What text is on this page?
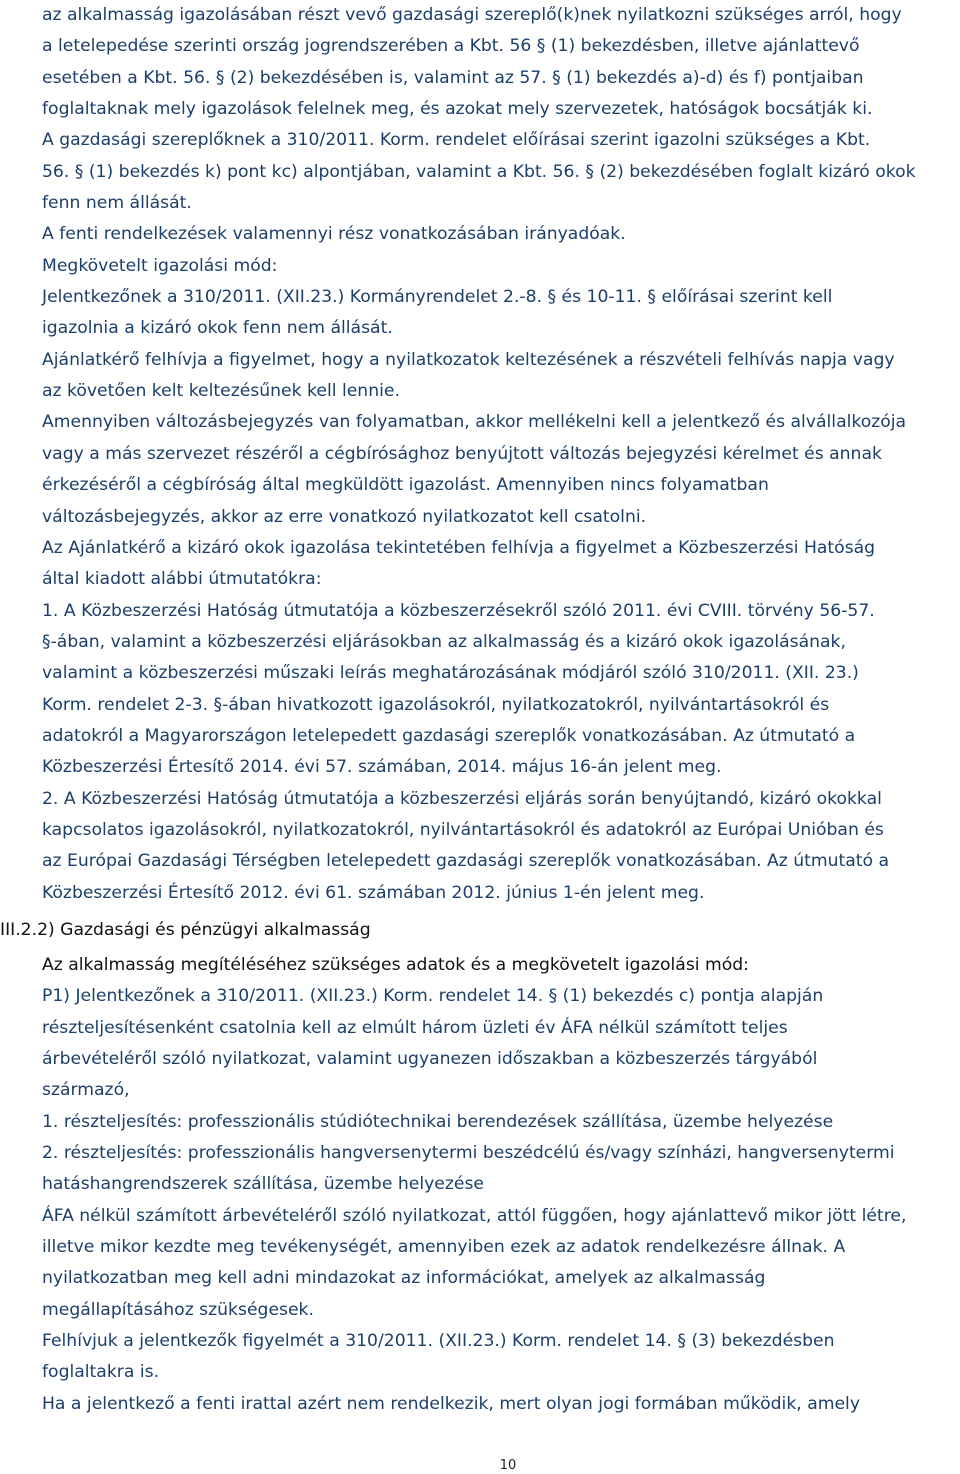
az alkalmasság igazolásában részt vevő gazdasági szereplő(k)nek nyilatkozni szükséges arról, hogy

a letelepedése szerinti ország jogrendszerében a Kbt. 56 § (1) bekezdésben, illetve ajánlattevő

esetében a Kbt. 56. § (2) bekezdésében is, valamint az 57. § (1) bekezdés a)-d) és f) pontjaiban

foglaltaknak mely igazolások felelnek meg, és azokat mely szervezetek, hatóságok bocsátják ki.

A gazdasági szereplőknek a 310/2011. Korm. rendelet előírásai szerint igazolni szükséges a Kbt.

56. § (1) bekezdés k) pont kc) alpontjában, valamint a Kbt. 56. § (2) bekezdésében foglalt kizáró okok

fenn nem állását.

A fenti rendelkezések valamennyi rész vonatkozásában irányadóak.

Megkövetelt igazolási mód:

Jelentkezőnek a 310/2011. (XII.23.) Kormányrendelet 2.-8. § és 10-11. § előírásai szerint kell

igazolnia a kizáró okok fenn nem állását.

Ajánlatkérő felhívja a figyelmet, hogy a nyilatkozatok keltezésének a részvételi felhívás napja vagy

az követően kelt keltezésűnek kell lennie.

Amennyiben változásbejegyzés van folyamatban, akkor mellékelni kell a jelentkező és alvállalkozója

vagy a más szervezet részéről a cégbírósághoz benyújtott változás bejegyzési kérelmet és annak

érkezéséről a cégbíróság által megküldött igazolást. Amennyiben nincs folyamatban

változásbejegyzés, akkor az erre vonatkozó nyilatkozatot kell csatolni.

Az Ajánlatkérő a kizáró okok igazolása tekintetében felhívja a figyelmet a Közbeszerzési Hatóság

által kiadott alábbi útmutatókra:

1. A Közbeszerzési Hatóság útmutatója a közbeszerzésekről szóló 2011. évi CVIII. törvény 56-57.

§-ában, valamint a közbeszerzési eljárásokban az alkalmasság és a kizáró okok igazolásának,

valamint a közbeszerzési műszaki leírás meghatározásának módjáról szóló 310/2011. (XII. 23.)

Korm. rendelet 2-3. §-ában hivatkozott igazolásokról, nyilatkozatokról, nyilvántartásokról és

adatokról a Magyarországon letelepedett gazdasági szereplők vonatkozásában. Az útmutató a

Közbeszerzési Értesítő 2014. évi 57. számában, 2014. május 16-án jelent meg.

2. A Közbeszerzési Hatóság útmutatója a közbeszerzési eljárás során benyújtandó, kizáró okokkal

kapcsolatos igazolásokról, nyilatkozatokról, nyilvántartásokról és adatokról az Európai Unióban és

az Európai Gazdasági Térségben letelepedett gazdasági szereplők vonatkozásában. Az útmutató a

Közbeszerzési Értesítő 2012. évi 61. számában 2012. június 1-én jelent meg.

III.2.2) Gazdasági és pénzügyi alkalmasság

Az alkalmasság megítéléséhez szükséges adatok és a megkövetelt igazolási mód:

P1) Jelentkezőnek a 310/2011. (XII.23.) Korm. rendelet 14. § (1) bekezdés c) pontja alapján

részteljesítésenként csatolnia kell az elmúlt három üzleti év ÁFA nélkül számított teljes

árbevételéről szóló nyilatkozat, valamint ugyanezen időszakban a közbeszerzés tárgyából

származó,

1. részteljesítés: professzionális stúdiótechnikai berendezések szállítása, üzembe helyezése

2. részteljesítés: professzionális hangversenytermi beszédcélú és/vagy színházi, hangversenytermi

hatáshangrendszerek szállítása, üzembe helyezése

ÁFA nélkül számított árbevételéről szóló nyilatkozat, attól függően, hogy ajánlattevő mikor jött létre,

illetve mikor kezdte meg tevékenységét, amennyiben ezek az adatok rendelkezésre állnak. A

nyilatkozatban meg kell adni mindazokat az információkat, amelyek az alkalmasság

megállapításához szükségesek.

Felhívjuk a jelentkezők figyelmét a 310/2011. (XII.23.) Korm. rendelet 14. § (3) bekezdésben

foglaltakra is.

Ha a jelentkező a fenti irattal azért nem rendelkezik, mert olyan jogi formában működik, amely

10
